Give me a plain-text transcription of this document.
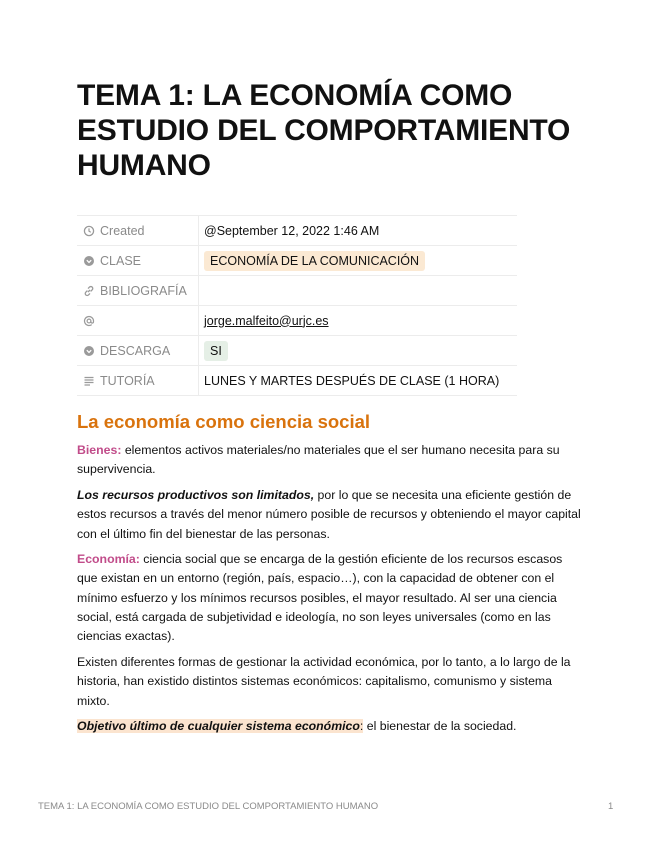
TEMA 1: LA ECONOMÍA COMO ESTUDIO DEL COMPORTAMIENTO HUMANO
Created	@September 12, 2022 1:46 AM
CLASE	ECONOMÍA DE LA COMUNICACIÓN
BIBLIOGRAFÍA	
	jorge.malfeito@urjc.es
DESCARGA	SI
TUTORÍA	LUNES Y MARTES DESPUÉS DE CLASE (1 HORA)
La economía como ciencia social

Bienes: elementos activos materiales/no materiales que el ser humano necesita para su supervivencia.

Los recursos productivos son limitados, por lo que se necesita una eficiente gestión de estos recursos a través del menor número posible de recursos y obteniendo el mayor capital con el último fin del bienestar de las personas.

Economía: ciencia social que se encarga de la gestión eficiente de los recursos escasos que existan en un entorno (región, país, espacio…), con la capacidad de obtener con el mínimo esfuerzo y los mínimos recursos posibles, el mayor resultado. Al ser una ciencia social, está cargada de subjetividad e ideología, no son leyes universales (como en las ciencias exactas).

Existen diferentes formas de gestionar la actividad económica, por lo tanto, a lo largo de la historia, han existido distintos sistemas económicos: capitalismo, comunismo y sistema mixto.

Objetivo último de cualquier sistema económico: el bienestar de la sociedad.

TEMA 1: LA ECONOMÍA COMO ESTUDIO DEL COMPORTAMIENTO HUMANO	1
